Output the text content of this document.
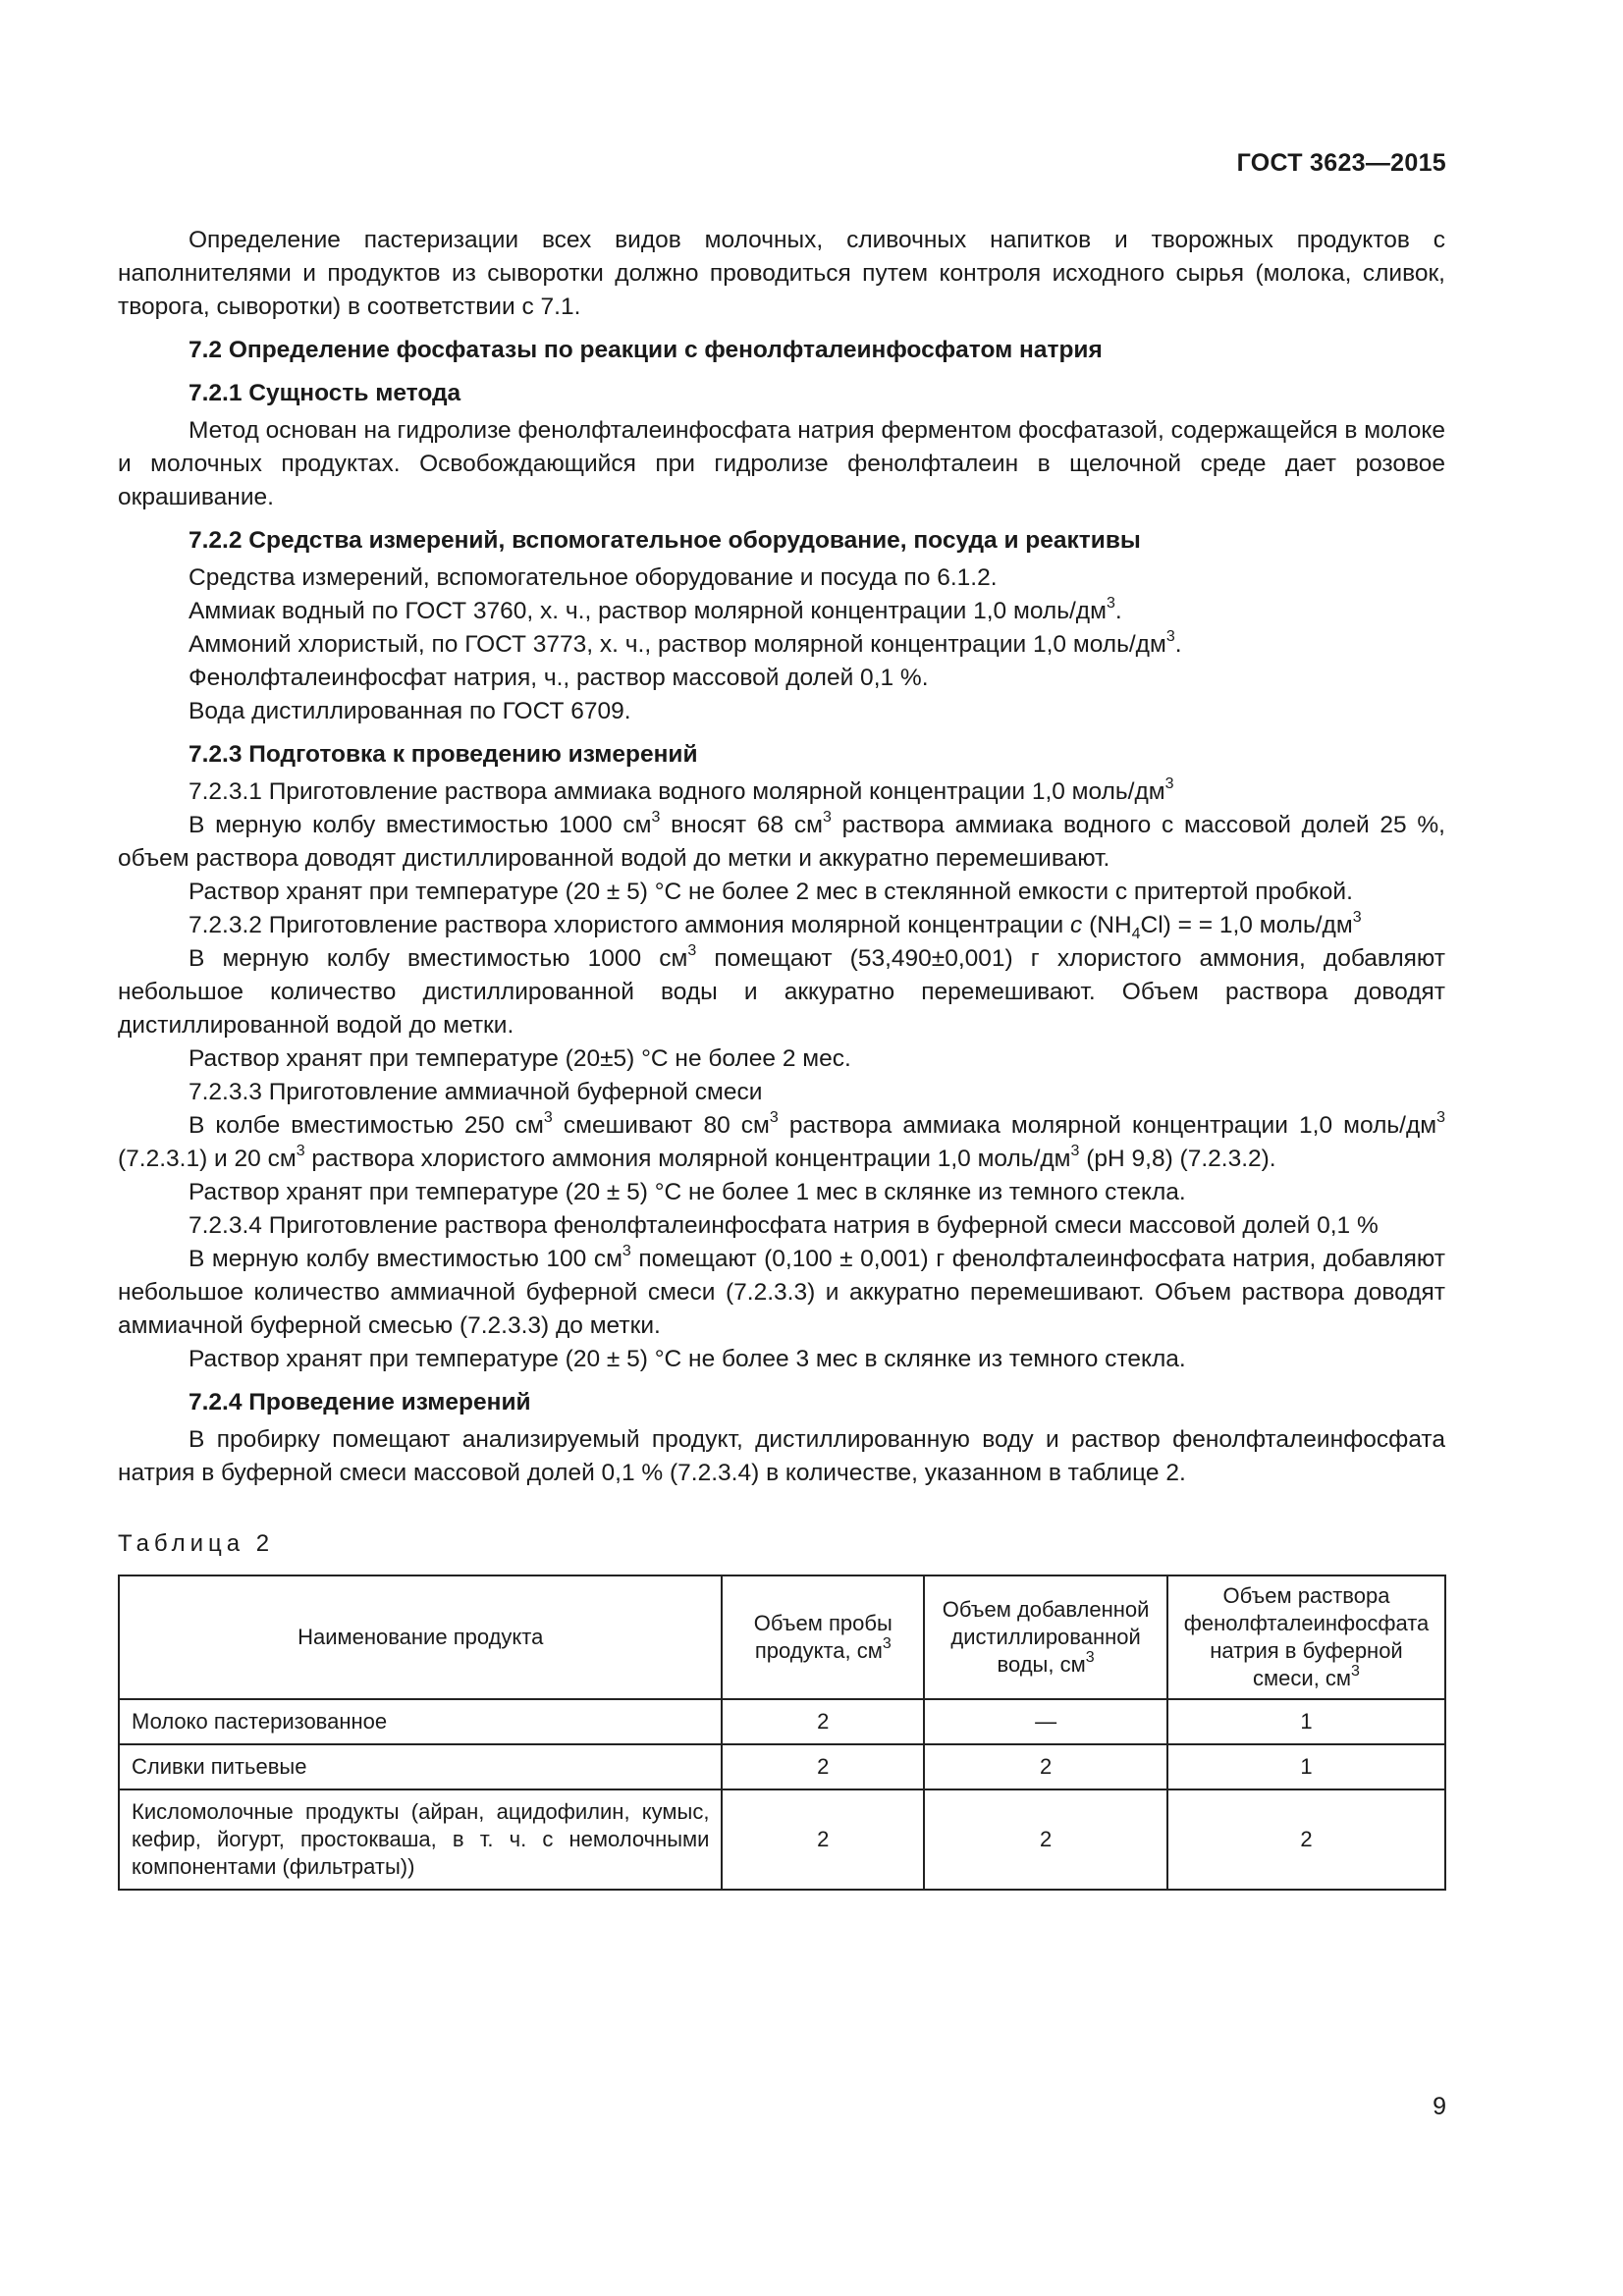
ГОСТ 3623—2015

Определение пастеризации всех видов молочных, сливочных напитков и творожных продуктов с наполнителями и продуктов из сыворотки должно проводиться путем контроля исходного сырья (молока, сливок, творога, сыворотки) в соответствии с 7.1.

7.2 Определение фосфатазы по реакции с фенолфталеинфосфатом натрия

7.2.1 Сущность метода

Метод основан на гидролизе фенолфталеинфосфата натрия ферментом фосфатазой, содержащейся в молоке и молочных продуктах. Освобождающийся при гидролизе фенолфталеин в щелочной среде дает розовое окрашивание.

7.2.2 Средства измерений, вспомогательное оборудование, посуда и реактивы

Средства измерений, вспомогательное оборудование и посуда по 6.1.2.

Аммиак водный по ГОСТ 3760, х. ч., раствор молярной концентрации 1,0 моль/$дм^3$.

Аммоний хлористый, по ГОСТ 3773, х. ч., раствор молярной концентрации 1,0 моль/$дм^3$.

Фенолфталеинфосфат натрия, ч., раствор массовой долей 0,1 %.

Вода дистиллированная по ГОСТ 6709.

7.2.3 Подготовка к проведению измерений

7.2.3.1 Приготовление раствора аммиака водного молярной концентрации 1,0 моль/$дм^3$

В мерную колбу вместимостью 1000 $см^3$ вносят 68 $см^3$ раствора аммиака водного с массовой долей 25 %, объем раствора доводят дистиллированной водой до метки и аккуратно перемешивают.

Раствор хранят при температуре (20 ± 5) °С не более 2 мес в стеклянной емкости с притертой пробкой.

7.2.3.2 Приготовление раствора хлористого аммония молярной концентрации с $(NH_4Cl)$ = = 1,0 моль/$дм^3$

В мерную колбу вместимостью 1000 $см^3$ помещают (53,490±0,001) г хлористого аммония, добавляют небольшое количество дистиллированной воды и аккуратно перемешивают. Объем раствора доводят дистиллированной водой до метки.

Раствор хранят при температуре (20±5) °С не более 2 мес.

7.2.3.3 Приготовление аммиачной буферной смеси

В колбе вместимостью 250 $см^3$ смешивают 80 $см^3$ раствора аммиака молярной концентрации 1,0 моль/$дм^3$ (7.2.3.1) и 20 $см^3$ раствора хлористого аммония молярной концентрации 1,0 моль/$дм^3$ (рН 9,8) (7.2.3.2).

Раствор хранят при температуре (20 ± 5) °С не более 1 мес в склянке из темного стекла.

7.2.3.4 Приготовление раствора фенолфталеинфосфата натрия в буферной смеси массовой долей 0,1 %

В мерную колбу вместимостью 100 $см^3$ помещают (0,100 ± 0,001) г фенолфталеинфосфата натрия, добавляют небольшое количество аммиачной буферной смеси (7.2.3.3) и аккуратно перемешивают. Объем раствора доводят аммиачной буферной смесью (7.2.3.3) до метки.

Раствор хранят при температуре (20 ± 5) °С не более 3 мес в склянке из темного стекла.

7.2.4 Проведение измерений

В пробирку помещают анализируемый продукт, дистиллированную воду и раствор фенолфталеинфосфата натрия в буферной смеси массовой долей 0,1 % (7.2.3.4) в количестве, указанном в таблице 2.

Таблица 2

Наименование продукта	Объем пробы продукта, $см^3$	Объем добавленной дистиллированной воды, $см^3$	Объем раствора фенолфталеинфосфата натрия в буферной смеси, $см^3$
Молоко пастеризованное	2	—	1
Сливки питьевые	2	2	1
Кисломолочные продукты (айран, ацидофилин, кумыс, кефир, йогурт, простокваша, в т. ч. с немолочными компонентами (фильтраты))	2	2	2
9
